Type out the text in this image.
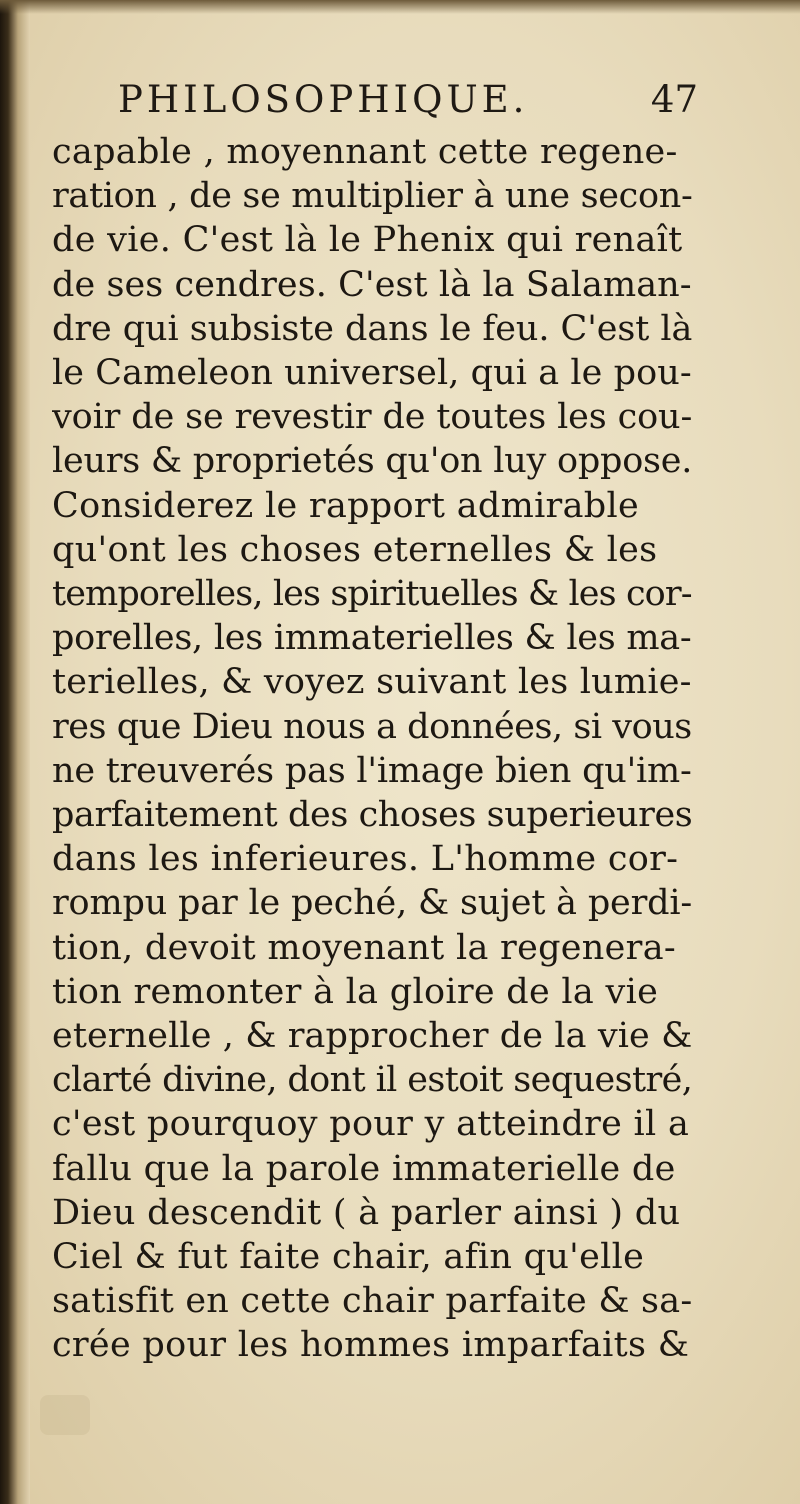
PHILOSOPHIQUE.	47
capable , moyennant cette regene-
ration , de se multiplier à une secon-
de vie. C'est là le Phenix qui renaît
de ses cendres. C'est là la Salaman-
dre qui subsiste dans le feu. C'est là
le Cameleon universel, qui a le pou-
voir de se revestir de toutes les cou-
leurs & proprietés qu'on luy oppose.
Considerez le rapport admirable
qu'ont les choses eternelles & les
temporelles, les spirituelles & les cor-
porelles, les immaterielles & les ma-
terielles, & voyez suivant les lumie-
res que Dieu nous a données, si vous
ne treuverés pas l'image bien qu'im-
parfaitement des choses superieures
dans les inferieures. L'homme cor-
rompu par le peché, & sujet à perdi-
tion, devoit moyenant la regenera-
tion remonter à la gloire de la vie
eternelle , & rapprocher de la vie &
clarté divine, dont il estoit sequestré,
c'est pourquoy pour y atteindre il a
fallu que la parole immaterielle de
Dieu descendit ( à parler ainsi ) du
Ciel & fut faite chair, afin qu'elle
satisfit en cette chair parfaite & sa-
crée pour les hommes imparfaits &
